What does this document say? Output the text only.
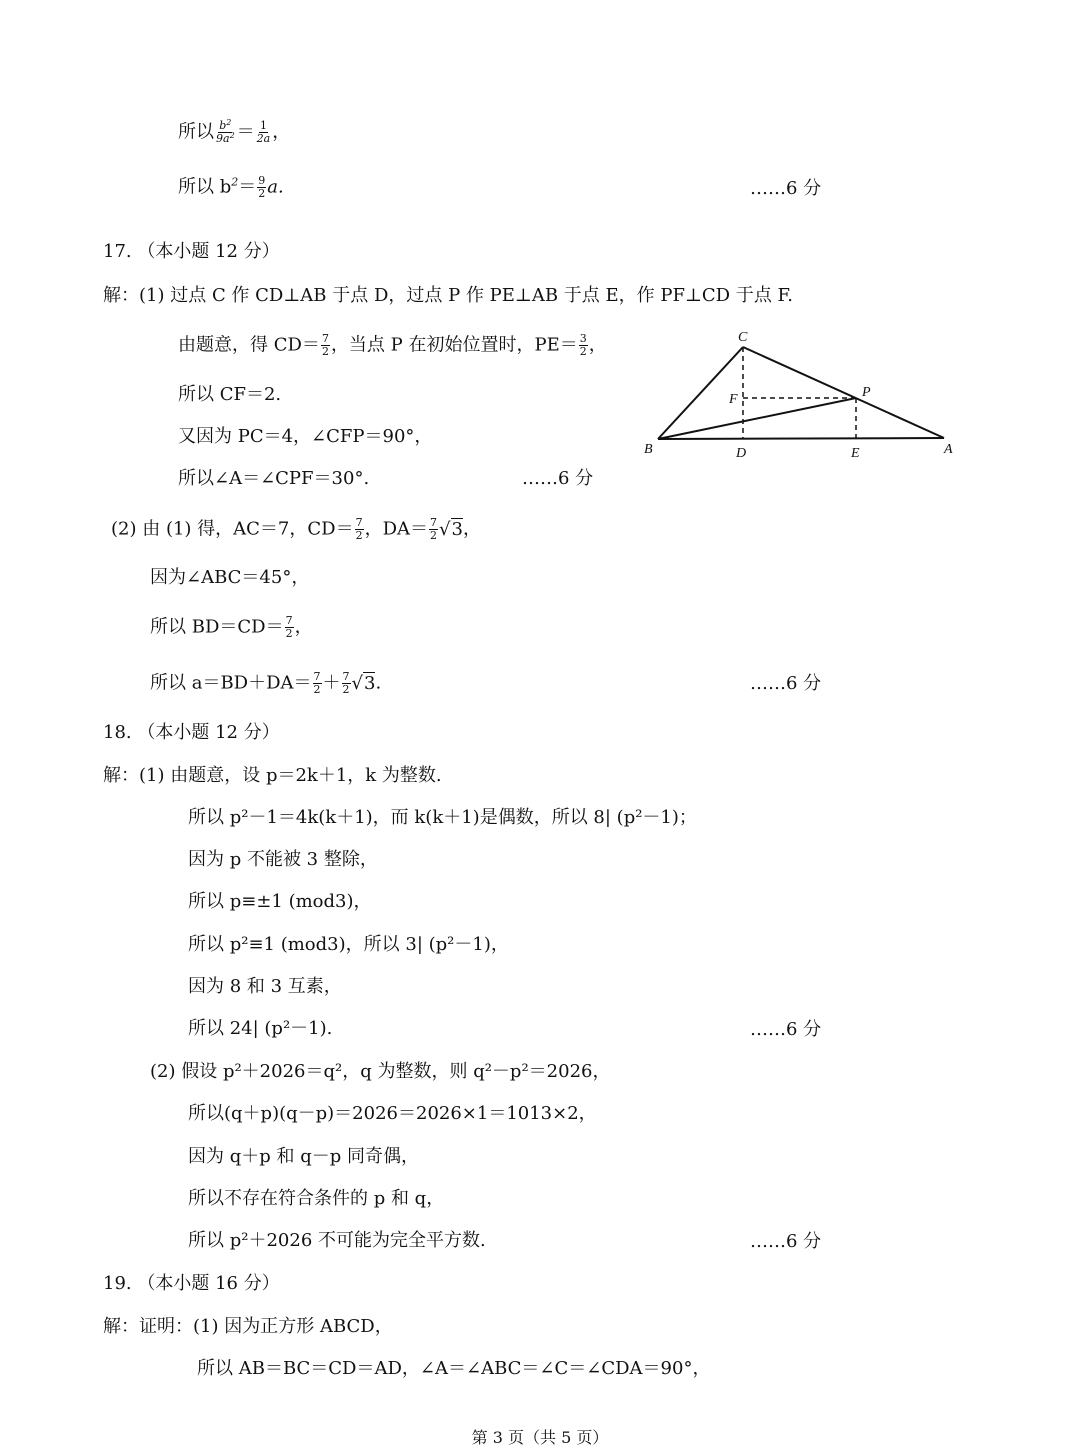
所以 $\frac{b^2}{9a^2} = \frac{1}{2a}$ ，
所以 $b^2= \frac{9}{2} a$.	……6 分
17. （本小题 12 分）
解：(1) 过点 C 作 CD⊥AB 于点 D，过点 P 作 PE⊥AB 于点 E，作 PF⊥CD 于点 F.
由题意，得 $CD= \frac{7}{2}$ ，当点 P 在初始位置时，$PE= \frac{3}{2}$ ，
所以 CF＝2.
又因为 PC＝4，∠CFP＝90°，
所以∠A＝∠CPF＝30°.	……6 分
C
P
F
B	D	E	A
(2) 由 (1) 得，AC＝7，$CD= \frac{7}{2}$ ，$DA= \frac{7}{2} √3$，
因为∠ABC＝45°，
所以 $BD=CD= \frac{7}{2}$ ，
所以 $a=BD+DA= \frac{7}{2} + \frac{7}{2} √3$.	……6 分
18. （本小题 12 分）
解：(1) 由题意，设 p＝2k＋1，k 为整数.
所以 p²－1＝4k(k＋1)，而 k(k＋1)是偶数，所以 8| (p²－1)；
因为 p 不能被 3 整除，
所以 p≡±1 (mod3)，
所以 p²≡1 (mod3)，所以 3| (p²－1)，
因为 8 和 3 互素，
所以 24| (p²－1).	……6 分
(2) 假设 p²＋2026＝q²，q 为整数，则 q²－p²＝2026，
所以(q＋p)(q－p)＝2026＝2026×1＝1013×2，
因为 q＋p 和 q－p 同奇偶，
所以不存在符合条件的 p 和 q，
所以 p²＋2026 不可能为完全平方数.	……6 分
19. （本小题 16 分）
解：证明：(1) 因为正方形 ABCD，
所以 AB＝BC＝CD＝AD，∠A＝∠ABC＝∠C＝∠CDA＝90°，
第 3 页（共 5 页）
